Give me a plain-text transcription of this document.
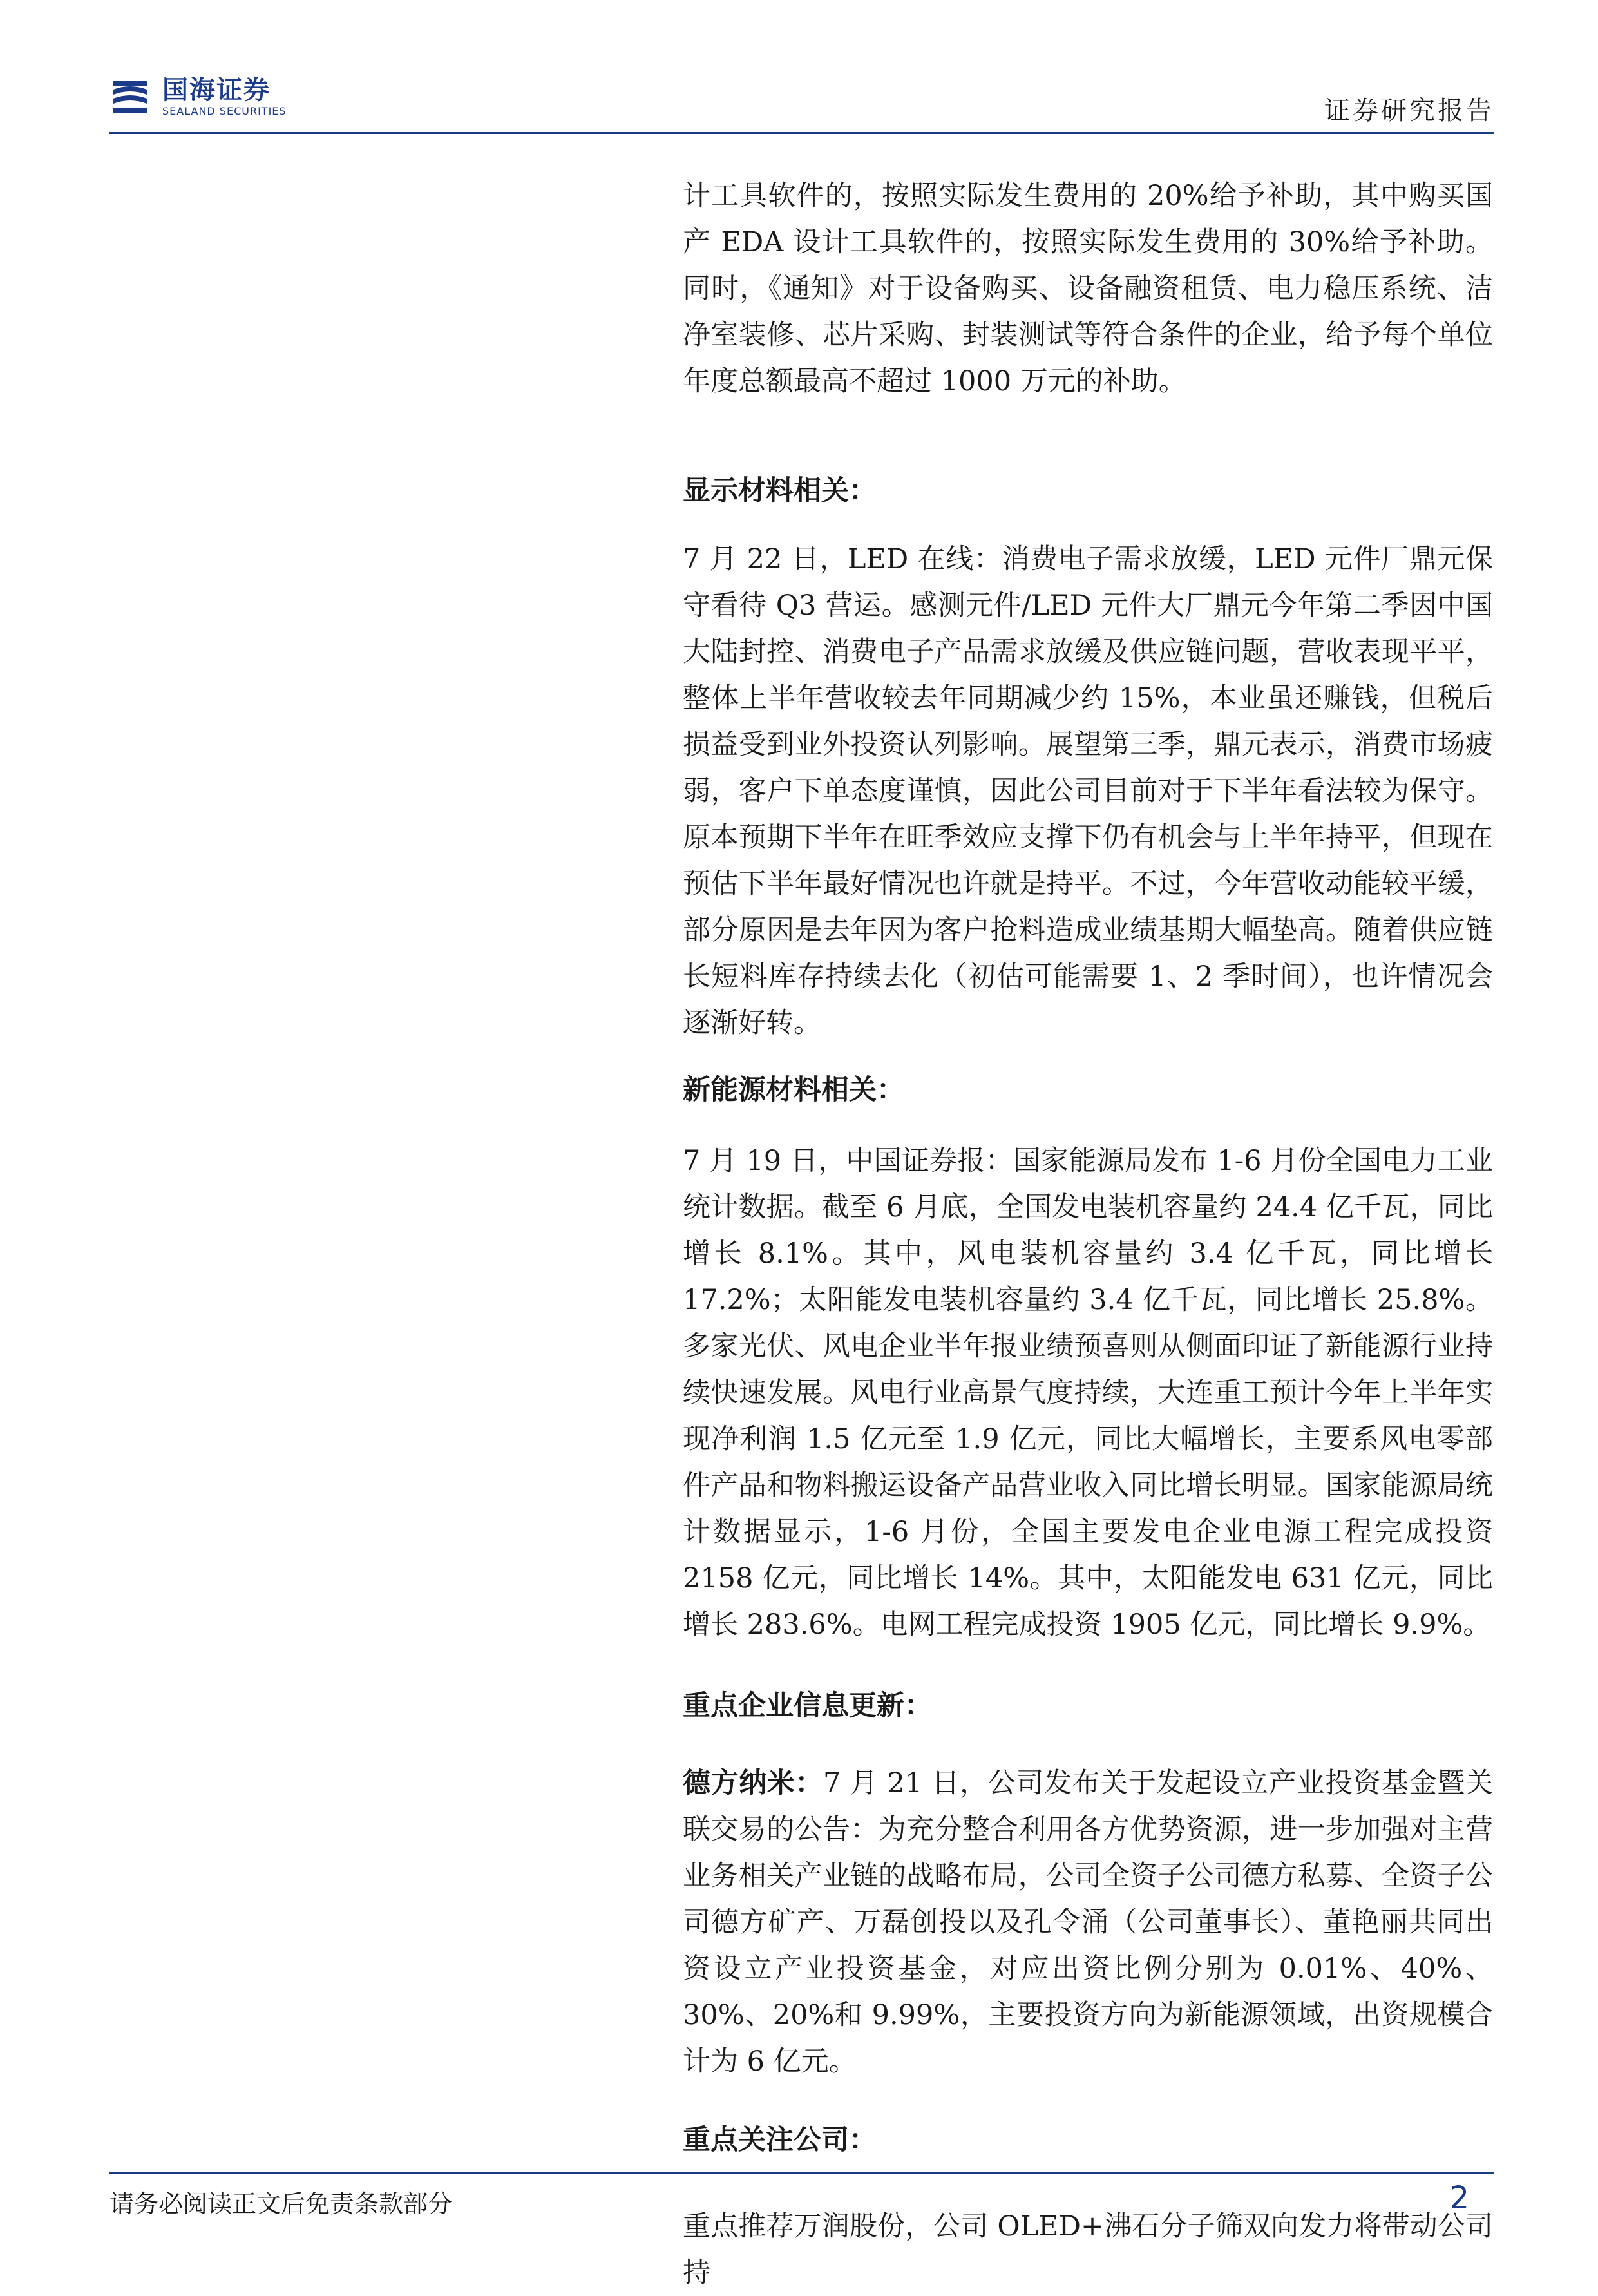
国海证券
SEALAND SECURITIES	证券研究报告

计工具软件的，按照实际发生费用的 20%给予补助，其中购买国产 EDA 设计工具软件的，按照实际发生费用的 30%给予补助。同时，《通知》对于设备购买、设备融资租赁、电力稳压系统、洁净室装修、芯片采购、封装测试等符合条件的企业，给予每个单位年度总额最高不超过 1000 万元的补助。

显示材料相关：

7 月 22 日，LED 在线：消费电子需求放缓，LED 元件厂鼎元保守看待 Q3 营运。感测元件/LED 元件大厂鼎元今年第二季因中国大陆封控、消费电子产品需求放缓及供应链问题，营收表现平平，整体上半年营收较去年同期减少约 15%，本业虽还赚钱，但税后损益受到业外投资认列影响。展望第三季，鼎元表示，消费市场疲弱，客户下单态度谨慎，因此公司目前对于下半年看法较为保守。原本预期下半年在旺季效应支撑下仍有机会与上半年持平，但现在预估下半年最好情况也许就是持平。不过，今年营收动能较平缓，部分原因是去年因为客户抢料造成业绩基期大幅垫高。随着供应链长短料库存持续去化（初估可能需要 1、2 季时间），也许情况会逐渐好转。

新能源材料相关：

7 月 19 日，中国证券报：国家能源局发布 1-6 月份全国电力工业统计数据。截至 6 月底，全国发电装机容量约 24.4 亿千瓦，同比增长 8.1%。其中，风电装机容量约 3.4 亿千瓦，同比增长 17.2%；太阳能发电装机容量约 3.4 亿千瓦，同比增长 25.8%。多家光伏、风电企业半年报业绩预喜则从侧面印证了新能源行业持续快速发展。风电行业高景气度持续，大连重工预计今年上半年实现净利润 1.5 亿元至 1.9 亿元，同比大幅增长，主要系风电零部件产品和物料搬运设备产品营业收入同比增长明显。国家能源局统计数据显示，1-6 月份，全国主要发电企业电源工程完成投资 2158 亿元，同比增长 14%。其中，太阳能发电 631 亿元，同比增长 283.6%。电网工程完成投资 1905 亿元，同比增长 9.9%。

重点企业信息更新：

德方纳米：7 月 21 日，公司发布关于发起设立产业投资基金暨关联交易的公告：为充分整合利用各方优势资源，进一步加强对主营业务相关产业链的战略布局，公司全资子公司德方私募、全资子公司德方矿产、万磊创投以及孔令涌（公司董事长）、董艳丽共同出资设立产业投资基金，对应出资比例分别为 0.01%、40%、30%、20%和 9.99%，主要投资方向为新能源领域，出资规模合计为 6 亿元。

重点关注公司：

重点推荐万润股份，公司 OLED+沸石分子筛双向发力将带动公司持

请务必阅读正文后免责条款部分	2
